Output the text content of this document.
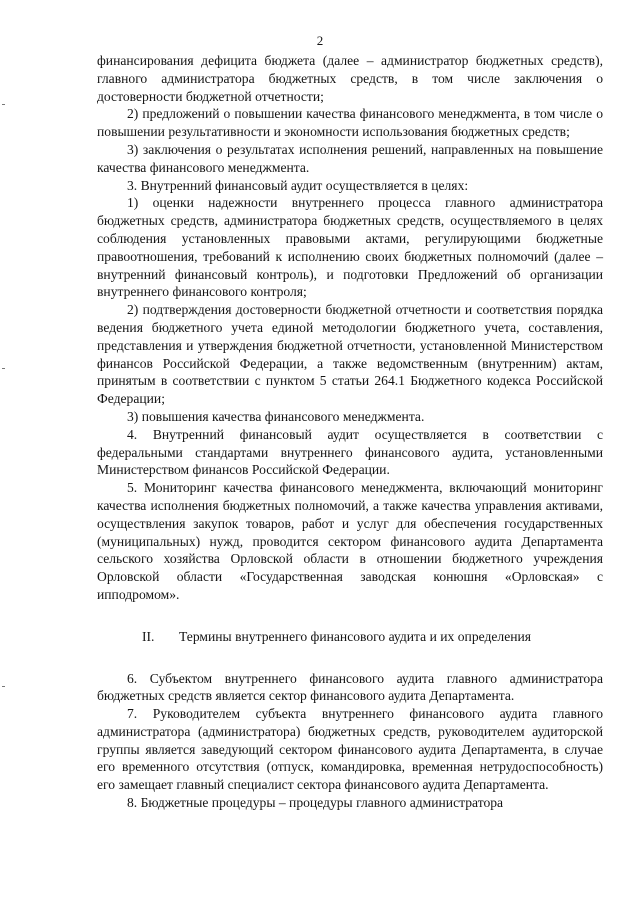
2

финансирования дефицита бюджета (далее – администратор бюджетных средств), главного администратора бюджетных средств, в том числе заключения о достоверности бюджетной отчетности;

2) предложений о повышении качества финансового менеджмента, в том числе о повышении результативности и экономности использования бюджетных средств;

3) заключения о результатах исполнения решений, направленных на повышение качества финансового менеджмента.

3. Внутренний финансовый аудит осуществляется в целях:

1) оценки надежности внутреннего процесса главного администратора бюджетных средств, администратора бюджетных средств, осуществляемого в целях соблюдения установленных правовыми актами, регулирующими бюджетные правоотношения, требований к исполнению своих бюджетных полномочий (далее – внутренний финансовый контроль), и подготовки Предложений об организации внутреннего финансового контроля;

2) подтверждения достоверности бюджетной отчетности и соответствия порядка ведения бюджетного учета единой методологии бюджетного учета, составления, представления и утверждения бюджетной отчетности, установленной Министерством финансов Российской Федерации, а также ведомственным (внутренним) актам, принятым в соответствии с пунктом 5 статьи 264.1 Бюджетного кодекса Российской Федерации;

3) повышения качества финансового менеджмента.

4. Внутренний финансовый аудит осуществляется в соответствии с федеральными стандартами внутреннего финансового аудита, установленными Министерством финансов Российской Федерации.

5. Мониторинг качества финансового менеджмента, включающий мониторинг качества исполнения бюджетных полномочий, а также качества управления активами, осуществления закупок товаров, работ и услуг для обеспечения государственных (муниципальных) нужд, проводится сектором финансового аудита Департамента сельского хозяйства Орловской области в отношении бюджетного учреждения Орловской области «Государственная заводская конюшня «Орловская» с ипподромом».

II. Термины внутреннего финансового аудита и их определения

6. Субъектом внутреннего финансового аудита главного администратора бюджетных средств является сектор финансового аудита Департамента.

7. Руководителем субъекта внутреннего финансового аудита главного администратора (администратора) бюджетных средств, руководителем аудиторской группы является заведующий сектором финансового аудита Департамента, в случае его временного отсутствия (отпуск, командировка, временная нетрудоспособность) его замещает главный специалист сектора финансового аудита Департамента.

8. Бюджетные процедуры – процедуры главного администратора
